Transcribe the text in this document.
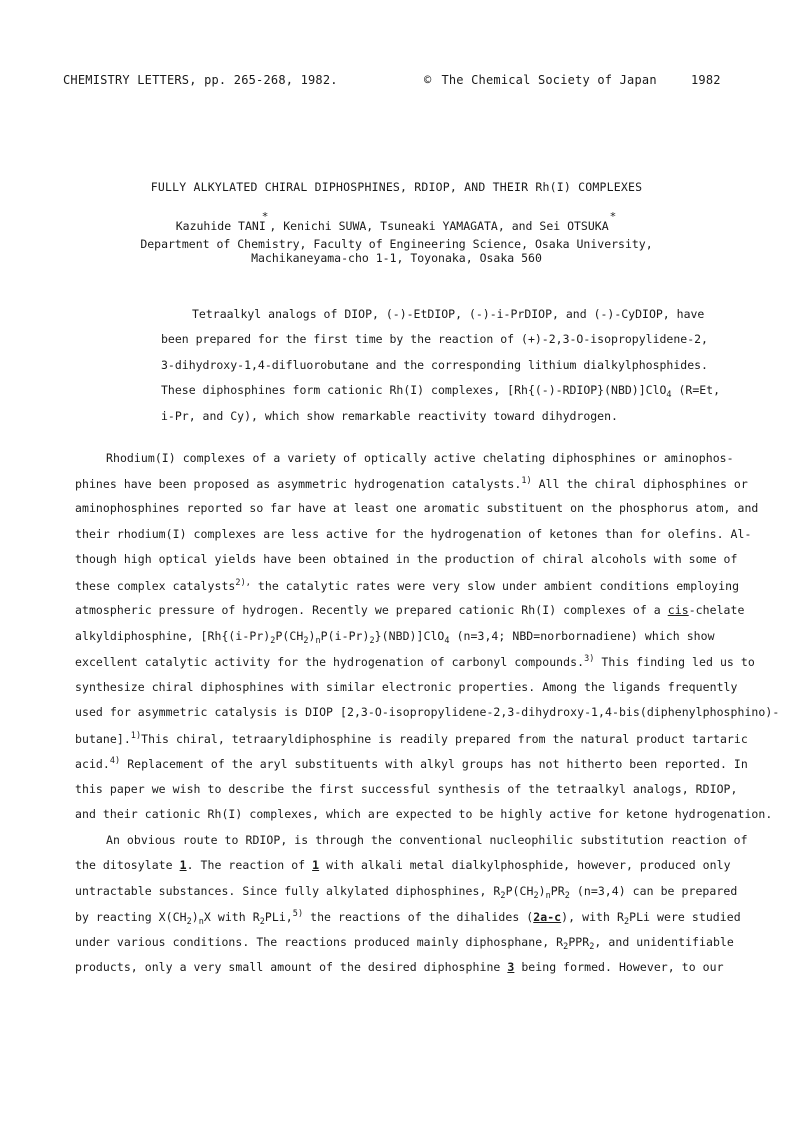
CHEMISTRY LETTERS, pp. 265-268, 1982.	© The Chemical Society of Japan	1982
FULLY ALKYLATED CHIRAL DIPHOSPHINES, RDIOP, AND THEIR Rh(I) COMPLEXES
Kazuhide TANI*, Kenichi SUWA, Tsuneaki YAMAGATA, and Sei OTSUKA*
Department of Chemistry, Faculty of Engineering Science, Osaka University,
Machikaneyama-cho 1-1, Toyonaka, Osaka 560
Tetraalkyl analogs of DIOP, (-)-EtDIOP, (-)-i-PrDIOP, and (-)-CyDIOP, have
been prepared for the first time by the reaction of (+)-2,3-O-isopropylidene-2,
3-dihydroxy-1,4-difluorobutane and the corresponding lithium dialkylphosphides.
These diphosphines form cationic Rh(I) complexes, [Rh{(-)-RDIOP}(NBD)]ClO$_4$ (R=Et,
i-Pr, and Cy), which show remarkable reactivity toward dihydrogen.
Rhodium(I) complexes of a variety of optically active chelating diphosphines or aminophos-
phines have been proposed as asymmetric hydrogenation catalysts.$^{1)}$ All the chiral diphosphines or
aminophosphines reported so far have at least one aromatic substituent on the phosphorus atom, and
their rhodium(I) complexes are less active for the hydrogenation of ketones than for olefins. Al-
though high optical yields have been obtained in the production of chiral alcohols with some of
these complex catalysts$^{2),}$ the catalytic rates were very slow under ambient conditions employing
atmospheric pressure of hydrogen. Recently we prepared cationic Rh(I) complexes of a cis-chelate
alkyldiphosphine, $[Rh\{(i-Pr)_2P(CH_2)_nP(i-Pr)_2\}(NBD)]ClO_4$ (n=3,4; NBD=norbornadiene) which show
excellent catalytic activity for the hydrogenation of carbonyl compounds.$^{3)}$ This finding led us to
synthesize chiral diphosphines with similar electronic properties. Among the ligands frequently
used for asymmetric catalysis is DIOP [2,3-O-isopropylidene-2,3-dihydroxy-1,4-bis(diphenylphosphino)-
butane].$^{1)}$This chiral, tetraaryldiphosphine is readily prepared from the natural product tartaric
acid.$^{4)}$ Replacement of the aryl substituents with alkyl groups has not hitherto been reported. In
this paper we wish to describe the first successful synthesis of the tetraalkyl analogs, RDIOP,
and their cationic Rh(I) complexes, which are expected to be highly active for ketone hydrogenation.
An obvious route to RDIOP, is through the conventional nucleophilic substitution reaction of
the ditosylate 1. The reaction of 1 with alkali metal dialkylphosphide, however, produced only
untractable substances. Since fully alkylated diphosphines, $R_2P(CH_2)_nPR_2$ (n=3,4) can be prepared
by reacting $X(CH_2)_nX$ with $R_2PLi,^{5)}$ the reactions of the dihalides (2a-c), with $R_2PLi$ were studied
under various conditions. The reactions produced mainly diphosphane, $R_2PPR_2$, and unidentifiable
products, only a very small amount of the desired diphosphine 3 being formed. However, to our
